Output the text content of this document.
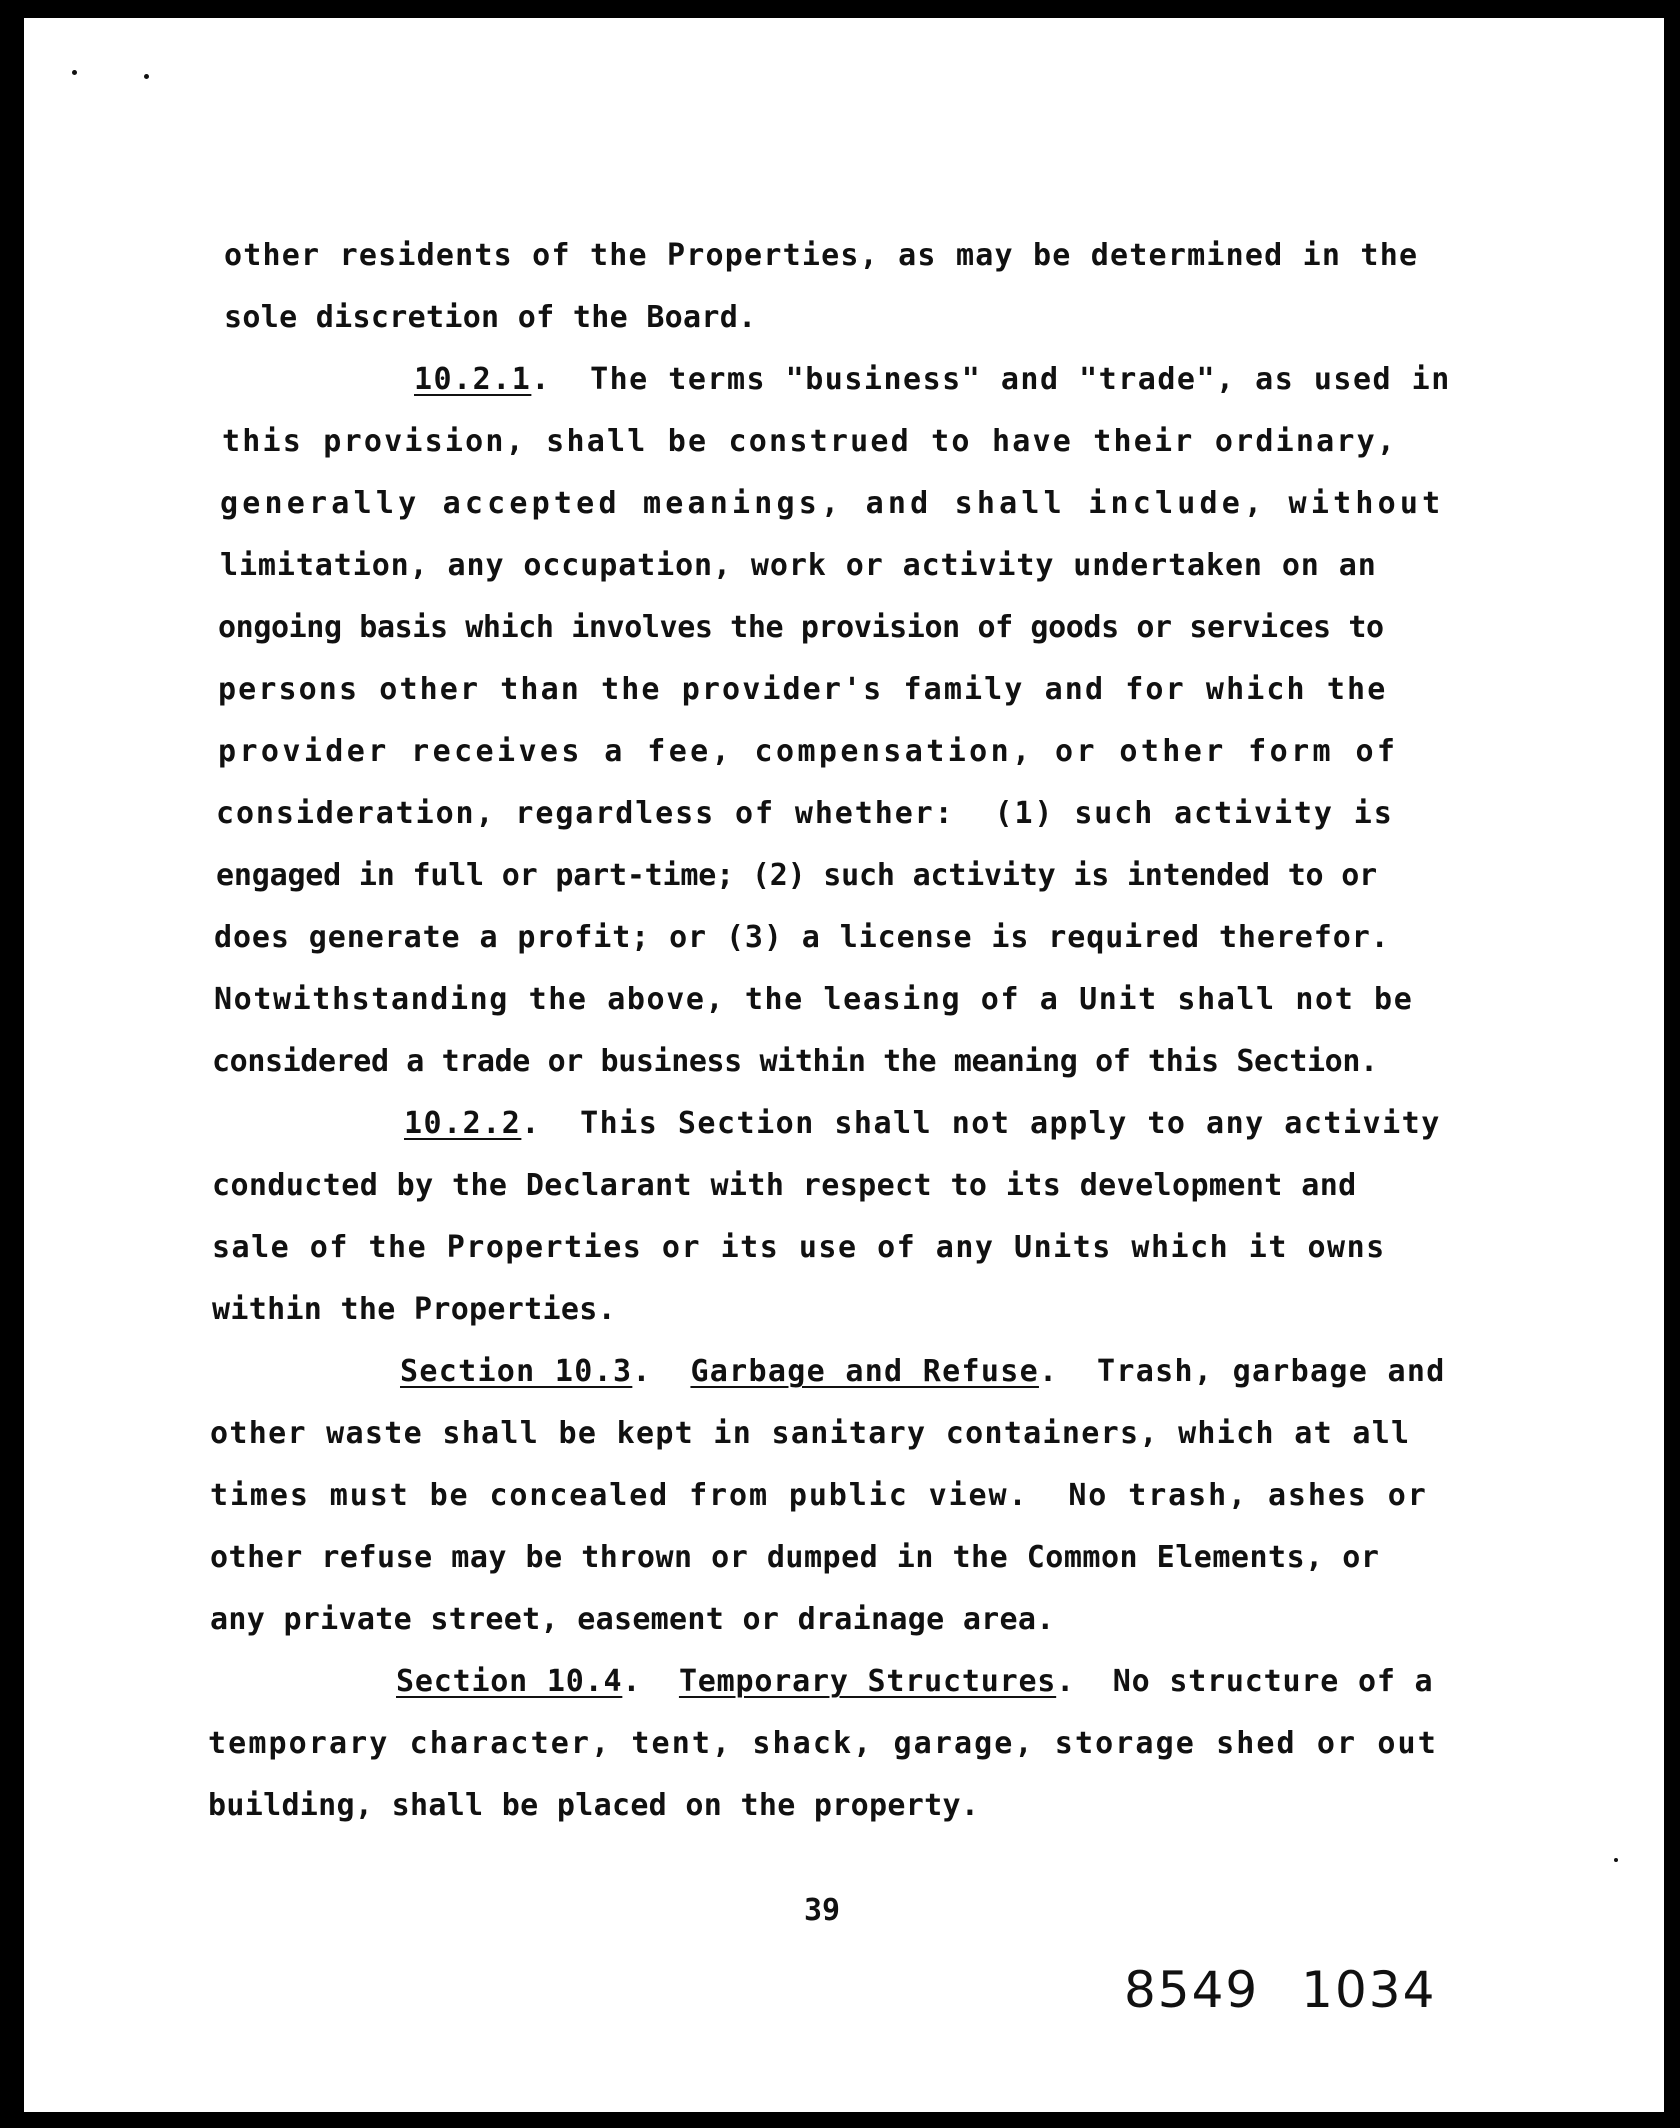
other residents of the Properties, as may be determined in the
sole discretion of the Board.
10.2.1.  The terms "business" and "trade", as used in
this provision, shall be construed to have their ordinary,
generally accepted meanings, and shall include, without
limitation, any occupation, work or activity undertaken on an
ongoing basis which involves the provision of goods or services to
persons other than the provider's family and for which the
provider receives a fee, compensation, or other form of
consideration, regardless of whether:  (1) such activity is
engaged in full or part-time; (2) such activity is intended to or
does generate a profit; or (3) a license is required therefor.
Notwithstanding the above, the leasing of a Unit shall not be
considered a trade or business within the meaning of this Section.
10.2.2.  This Section shall not apply to any activity
conducted by the Declarant with respect to its development and
sale of the Properties or its use of any Units which it owns
within the Properties.
Section 10.3.  Garbage and Refuse.  Trash, garbage and
other waste shall be kept in sanitary containers, which at all
times must be concealed from public view.  No trash, ashes or
other refuse may be thrown or dumped in the Common Elements, or
any private street, easement or drainage area.
Section 10.4.  Temporary Structures.  No structure of a
temporary character, tent, shack, garage, storage shed or out
building, shall be placed on the property.
39
8549 1034
